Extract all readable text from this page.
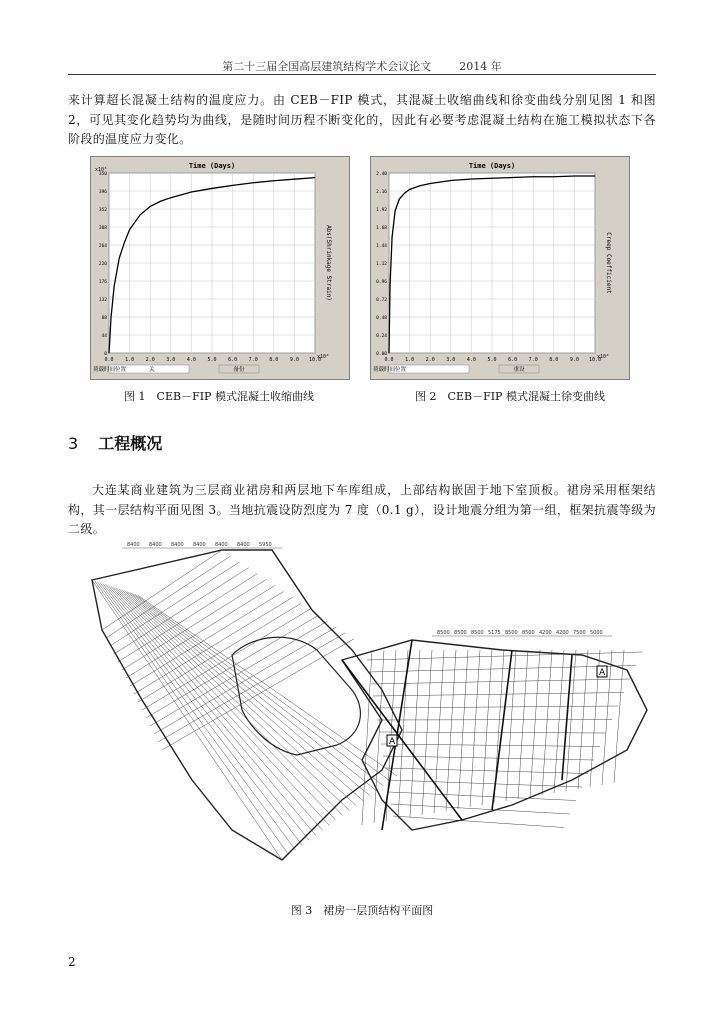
第二十三届全国高层建筑结构学术会议论文	2014 年
来计算超长混凝土结构的温度应力。由 CEB－FIP 模式，其混凝土收缩曲线和徐变曲线分别见图 1 和图 2，可见其变化趋势均为曲线，是随时间历程不断变化的，因此有必要考虑混凝土结构在施工模拟状态下各阶段的温度应力变化。
Time (Days)
Abs(Shrinkage Strain)
0.0 1.0 2.0 3.0 4.0 5.0 6.0 7.0 8.0 9.0 10.0
0
44
88
132
176
220
264
308
352
396
350
x10³
x10⁶
荷载时间位置	关	备份
图 1　CEB－FIP 模式混凝土收缩曲线
Time (Days)
Creep Coefficient
0.0 1.0 2.0 3.0 4.0 5.0 6.0 7.0 8.0 9.0 10.0
0.00
0.24
0.48
0.72
0.96
1.12
1.44
1.68
1.92
2.16
2.40
x10³
荷载时间位置	重设
图 2　CEB－FIP 模式混凝土徐变曲线
3 工程概况
大连某商业建筑为三层商业裙房和两层地下车库组成，上部结构嵌固于地下室顶板。裙房采用框架结构，其一层结构平面见图 3。当地抗震设防烈度为 7 度（0.1 g），设计地震分组为第一组，框架抗震等级为二级。
A
A
8400 8400 8400 8400 8400 8400 5950
8500 8500 8500 5175 8500 8500 4200 4200 7500 5000
图 3　裙房一层顶结构平面图
2
